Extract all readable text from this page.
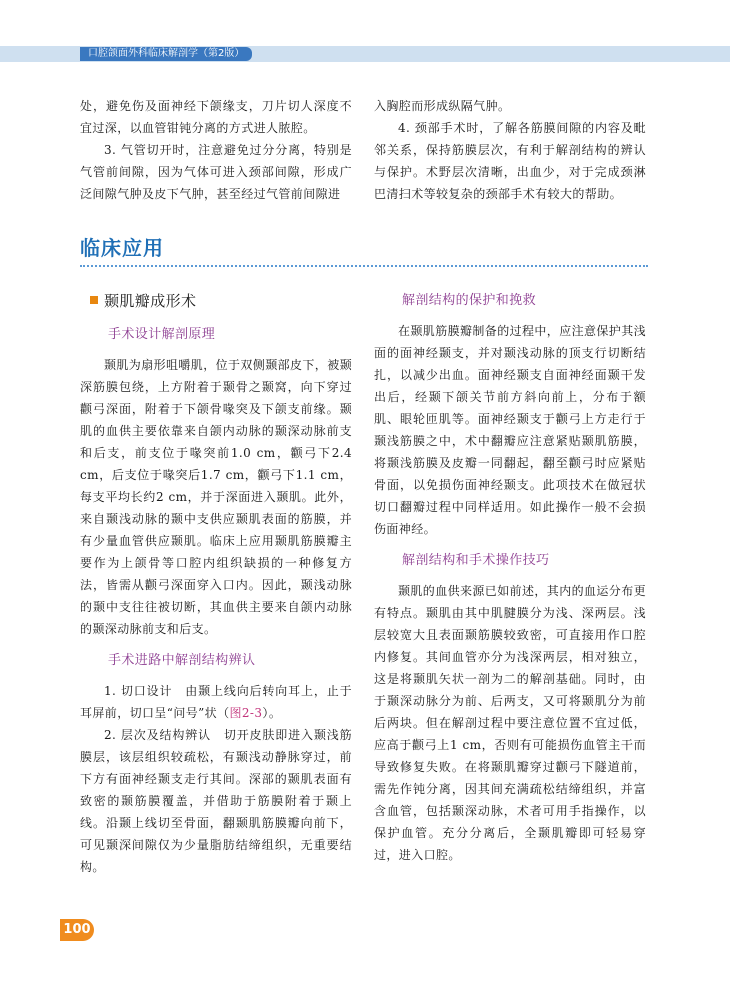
口腔颌面外科临床解剖学（第2版）

处，避免伤及面神经下颌缘支，刀片切人深度不宜过深，以血管钳钝分离的方式进人脓腔。

3. 气管切开时，注意避免过分分离，特别是气管前间隙，因为气体可进入颈部间隙，形成广泛间隙气肿及皮下气肿，甚至经过气管前间隙进

入胸腔而形成纵隔气肿。

4. 颈部手术时，了解各筋膜间隙的内容及毗邻关系，保持筋膜层次，有利于解剖结构的辨认与保护。术野层次清晰，出血少，对于完成颈淋巴清扫术等较复杂的颈部手术有较大的帮助。

临床应用

颞肌瓣成形术

手术设计解剖原理

颞肌为扇形咀嚼肌，位于双侧颞部皮下，被颞深筋膜包绕，上方附着于颞骨之颞窝，向下穿过颧弓深面，附着于下颌骨喙突及下颌支前缘。颞肌的血供主要依靠来自颌内动脉的颞深动脉前支和后支，前支位于喙突前1.0 cm，颧弓下2.4 cm，后支位于喙突后1.7 cm，颧弓下1.1 cm，每支平均长约2 cm，并于深面进入颞肌。此外，来自颞浅动脉的颞中支供应颞肌表面的筋膜，并有少量血管供应颞肌。临床上应用颞肌筋膜瓣主要作为上颌骨等口腔内组织缺损的一种修复方法，皆需从颧弓深面穿入口内。因此，颞浅动脉的颞中支往往被切断，其血供主要来自颌内动脉的颞深动脉前支和后支。

手术进路中解剖结构辨认

1. 切口设计　由颞上线向后转向耳上，止于耳屏前，切口呈“问号”状（图2-3）。

2. 层次及结构辨认　切开皮肤即进入颞浅筋膜层，该层组织较疏松，有颞浅动静脉穿过，前下方有面神经颞支走行其间。深部的颞肌表面有致密的颞筋膜覆盖，并借助于筋膜附着于颞上线。沿颞上线切至骨面，翻颞肌筋膜瓣向前下，可见颞深间隙仅为少量脂肪结缔组织，无重要结构。

解剖结构的保护和挽救

在颞肌筋膜瓣制备的过程中，应注意保护其浅面的面神经颞支，并对颞浅动脉的顶支行切断结扎，以减少出血。面神经颞支自面神经面颞干发出后，经颞下颌关节前方斜向前上，分布于额肌、眼轮匝肌等。面神经颞支于颧弓上方走行于颞浅筋膜之中，术中翻瓣应注意紧贴颞肌筋膜，将颞浅筋膜及皮瓣一同翻起，翻至颧弓时应紧贴骨面，以免损伤面神经颞支。此项技术在做冠状切口翻瓣过程中同样适用。如此操作一般不会损伤面神经。

解剖结构和手术操作技巧

颞肌的血供来源已如前述，其内的血运分布更有特点。颞肌由其中肌腱膜分为浅、深两层。浅层较宽大且表面颞筋膜较致密，可直接用作口腔内修复。其间血管亦分为浅深两层，相对独立，这是将颞肌矢状一剖为二的解剖基础。同时，由于颞深动脉分为前、后两支，又可将颞肌分为前后两块。但在解剖过程中要注意位置不宜过低，应高于颧弓上1 cm，否则有可能损伤血管主干而导致修复失败。在将颞肌瓣穿过颧弓下隧道前，需先作钝分离，因其间充满疏松结缔组织，并富含血管，包括颞深动脉，术者可用手指操作，以保护血管。充分分离后，全颞肌瓣即可轻易穿过，进入口腔。

100
